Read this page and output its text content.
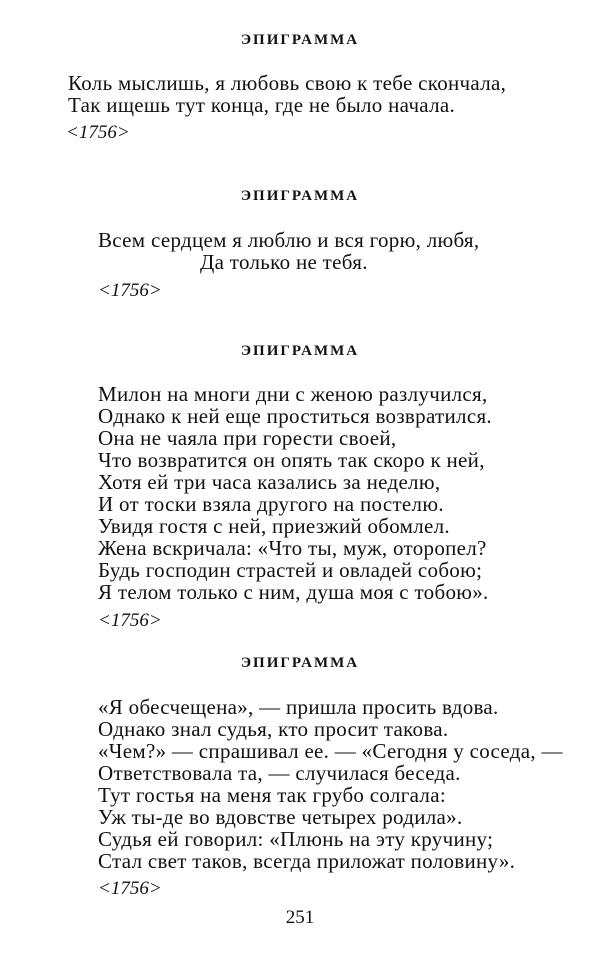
ЭПИГРАММА
Коль мыслишь, я любовь свою к тебе скончала,
Так ищешь тут конца, где не было начала.
<1756>
ЭПИГРАММА
Всем сердцем я люблю и вся горю, любя,
Да только не тебя.
<1756>
ЭПИГРАММА
Милон на многи дни с женою разлучился,
Однако к ней еще проститься возвратился.
Она не чаяла при горести своей,
Что возвратится он опять так скоро к ней,
Хотя ей три часа казались за неделю,
И от тоски взяла другого на постелю.
Увидя гостя с ней, приезжий обомлел.
Жена вскричала: «Что ты, муж, оторопел?
Будь господин страстей и овладей собою;
Я телом только с ним, душа моя с тобою».
<1756>
ЭПИГРАММА
«Я обесчещена», — пришла просить вдова.
Однако знал судья, кто просит такова.
«Чем?» — спрашивал ее. — «Сегодня у соседа, —
Ответствовала та, — случилася беседа.
Тут гостья на меня так грубо солгала:
Уж ты-де во вдовстве четырех родила».
Судья ей говорил: «Плюнь на эту кручину;
Стал свет таков, всегда приложат половину».
<1756>
251
